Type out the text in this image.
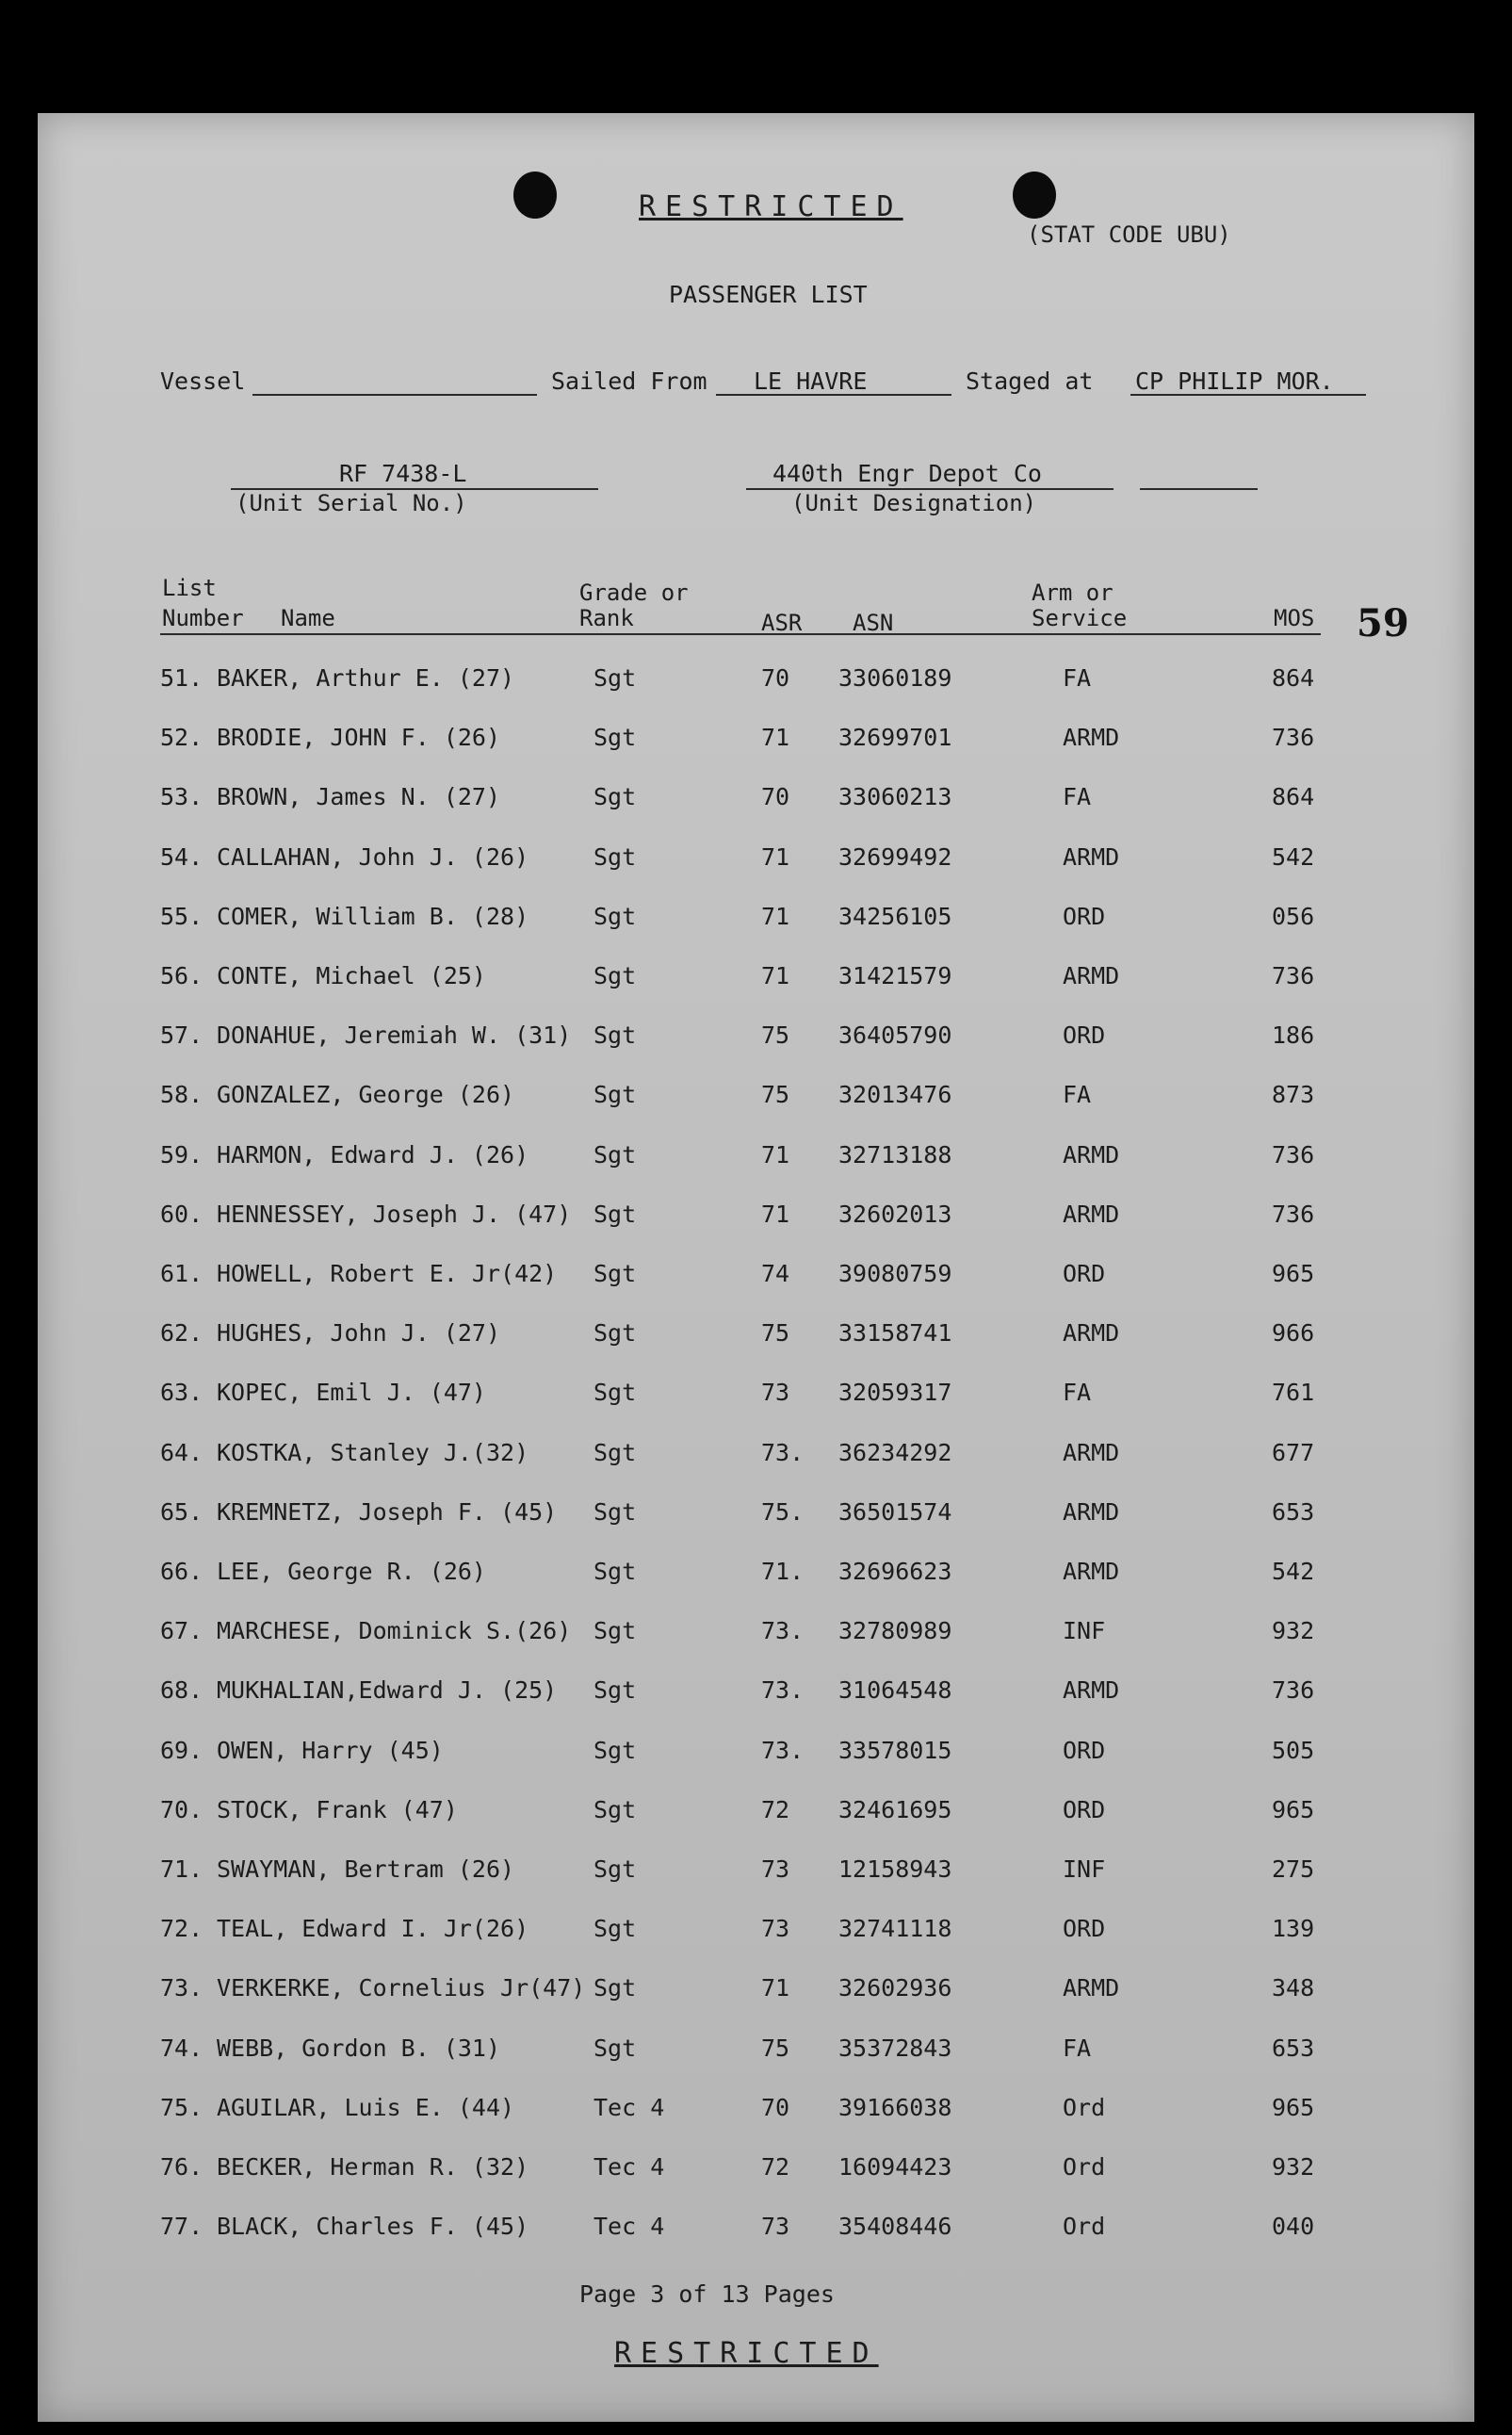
RESTRICTED
(STAT CODE UBU)
PASSENGER LIST
Vessel	Sailed From LE HAVRE	Staged at CP PHILIP MOR.
RF 7438-L
(Unit Serial No.)
440th Engr Depot Co
(Unit Designation)
List
Number Name
Grade or
Rank	ASR ASN
Arm or
Service	MOS 59
51. BAKER, Arthur E. (27)	Sgt	70 33060189	FA	864
52. BRODIE, JOHN F. (26)	Sgt	71 32699701	ARMD	736
53. BROWN, James N. (27)	Sgt	70 33060213	FA	864
54. CALLAHAN, John J. (26)	Sgt	71 32699492	ARMD	542
55. COMER, William B. (28)	Sgt	71 34256105	ORD	056
56. CONTE, Michael (25)	Sgt	71 31421579	ARMD	736
57. DONAHUE, Jeremiah W. (31) Sgt	75 36405790	ORD	186
58. GONZALEZ, George (26)	Sgt	75 32013476	FA	873
59. HARMON, Edward J. (26)	Sgt	71 32713188	ARMD	736
60. HENNESSEY, Joseph J. (47) Sgt	71 32602013	ARMD	736
61. HOWELL, Robert E. Jr(42) Sgt	74 39080759	ORD	965
62. HUGHES, John J. (27)	Sgt	75 33158741	ARMD	966
63. KOPEC, Emil J. (47)	Sgt	73 32059317	FA	761
64. KOSTKA, Stanley J.(32)	Sgt	73. 36234292	ARMD	677
65. KREMNETZ, Joseph F. (45) Sgt	75. 36501574	ARMD	653
66. LEE, George R. (26)	Sgt	71. 32696623	ARMD	542
67. MARCHESE, Dominick S.(26) Sgt	73. 32780989	INF	932
68. MUKHALIAN,Edward J. (25) Sgt	73. 31064548	ARMD	736
69. OWEN, Harry (45)	Sgt	73. 33578015	ORD	505
70. STOCK, Frank (47)	Sgt	72 32461695	ORD	965
71. SWAYMAN, Bertram (26)	Sgt	73 12158943	INF	275
72. TEAL, Edward I. Jr(26)	Sgt	73 32741118	ORD	139
73. VERKERKE, Cornelius Jr(47) Sgt	71 32602936	ARMD	348
74. WEBB, Gordon B. (31)	Sgt	75 35372843	FA	653
75. AGUILAR, Luis E. (44)	Tec 4	70 39166038	Ord	965
76. BECKER, Herman R. (32)	Tec 4	72 16094423	Ord	932
77. BLACK, Charles F. (45)	Tec 4	73 35408446	Ord	040
Page 3 of 13 Pages
RESTRICTED
